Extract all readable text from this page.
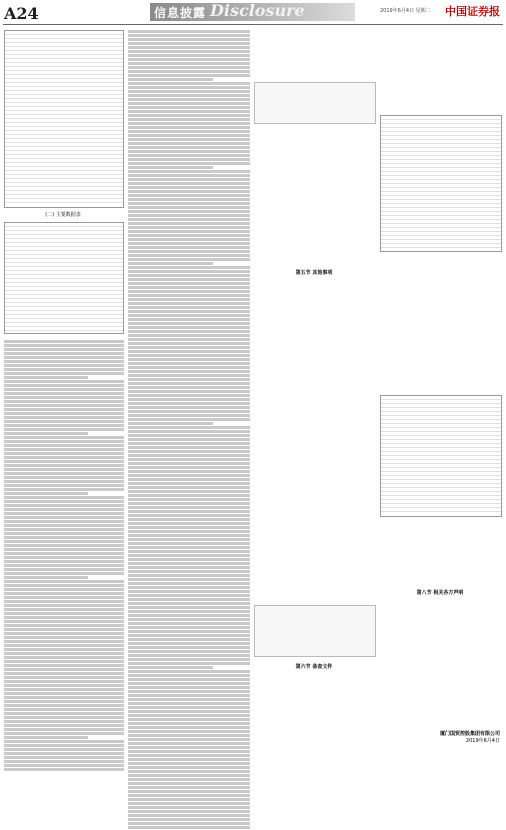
A24	信息披露 Disclosure	2019年6月4日 星期二 中国证券报
(二) 主要数据表
第五节 其他事项
第六节 备查文件
第八节 相关各方声明
厦门国贸控股集团有限公司
2019年6月4日
